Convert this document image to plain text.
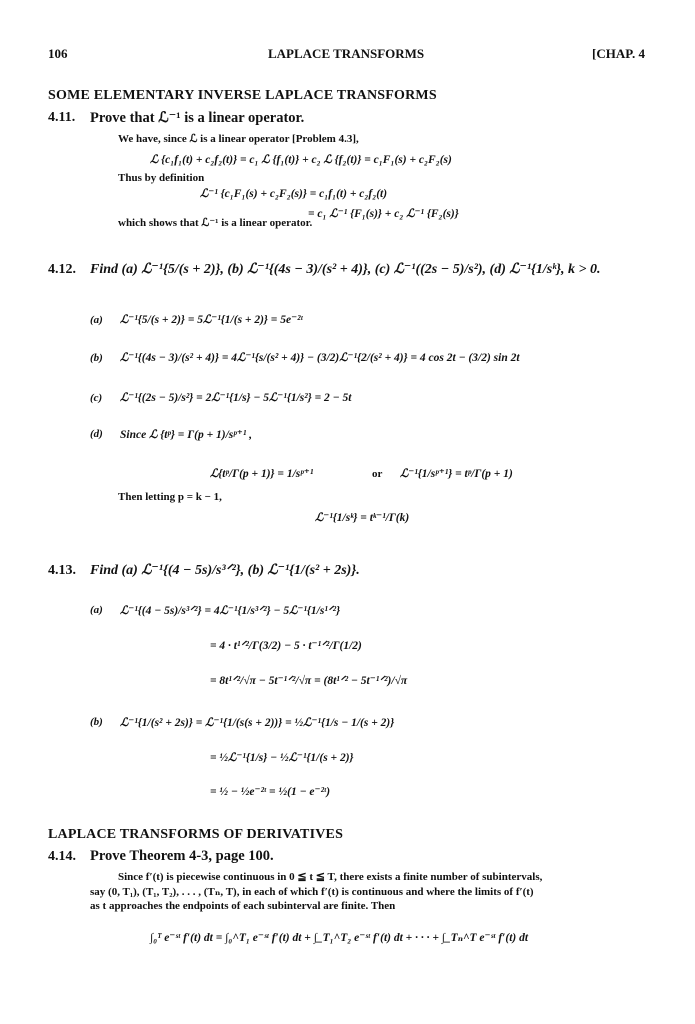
106	LAPLACE TRANSFORMS	[CHAP. 4
SOME ELEMENTARY INVERSE LAPLACE TRANSFORMS
4.11. Prove that ℒ⁻¹ is a linear operator.
We have, since ℒ is a linear operator [Problem 4.3],
ℒ {c₁f₁(t) + c₂f₂(t)} = c₁ ℒ {f₁(t)} + c₂ ℒ {f₂(t)} = c₁F₁(s) + c₂F₂(s)
Thus by definition
ℒ⁻¹ {c₁F₁(s) + c₂F₂(s)} = c₁f₁(t) + c₂f₂(t)
= c₁ ℒ⁻¹ {F₁(s)} + c₂ ℒ⁻¹ {F₂(s)}
which shows that ℒ⁻¹ is a linear operator.
4.12. Find (a) ℒ⁻¹{5/(s + 2)}, (b) ℒ⁻¹{(4s − 3)/(s² + 4)}, (c) ℒ⁻¹((2s − 5)/s²), (d) ℒ⁻¹{1/sᵏ}, k > 0.
(a) ℒ⁻¹{5/(s + 2)} = 5ℒ⁻¹{1/(s + 2)} = 5e⁻²ᵗ
(b) ℒ⁻¹{(4s − 3)/(s² + 4)} = 4ℒ⁻¹{s/(s² + 4)} − (3/2)ℒ⁻¹{2/(s² + 4)} = 4 cos 2t − (3/2) sin 2t
(c) ℒ⁻¹{(2s − 5)/s²} = 2ℒ⁻¹{1/s} − 5ℒ⁻¹{1/s²} = 2 − 5t
(d) Since ℒ {tᵖ} = Γ(p + 1)/sᵖ⁺¹ ,
ℒ{tᵖ/Γ(p + 1)} = 1/sᵖ⁺¹	or ℒ⁻¹{1/sᵖ⁺¹} = tᵖ/Γ(p + 1)
Then letting p = k − 1,
ℒ⁻¹{1/sᵏ} = tᵏ⁻¹/Γ(k)
4.13. Find (a) ℒ⁻¹{(4 − 5s)/s³ᐟ²}, (b) ℒ⁻¹{1/(s² + 2s)}.
(a) ℒ⁻¹{(4 − 5s)/s³ᐟ²} = 4ℒ⁻¹{1/s³ᐟ²} − 5ℒ⁻¹{1/s¹ᐟ²}
= 4 · t¹ᐟ²/Γ(3/2) − 5 · t⁻¹ᐟ²/Γ(1/2)
= 8t¹ᐟ²/√π − 5t⁻¹ᐟ²/√π = (8t¹ᐟ² − 5t⁻¹ᐟ²)/√π
(b) ℒ⁻¹{1/(s² + 2s)} = ℒ⁻¹{1/(s(s + 2))} = ½ℒ⁻¹{1/s − 1/(s + 2)}
= ½ℒ⁻¹{1/s} − ½ℒ⁻¹{1/(s + 2)}
= ½ − ½e⁻²ᵗ = ½(1 − e⁻²ᵗ)
LAPLACE TRANSFORMS OF DERIVATIVES
4.14. Prove Theorem 4-3, page 100.
Since f′(t) is piecewise continuous in 0 ≦ t ≦ T, there exists a finite number of subintervals,
say (0, T₁), (T₁, T₂), . . . , (Tₙ, T), in each of which f′(t) is continuous and where the limits of f′(t)
as t approaches the endpoints of each subinterval are finite. Then
∫₀ᵀ e⁻ˢᵗ f′(t) dt = ∫₀^T₁ e⁻ˢᵗ f′(t) dt + ∫_T₁^T₂ e⁻ˢᵗ f′(t) dt + · · · + ∫_Tₙ^T e⁻ˢᵗ f′(t) dt
